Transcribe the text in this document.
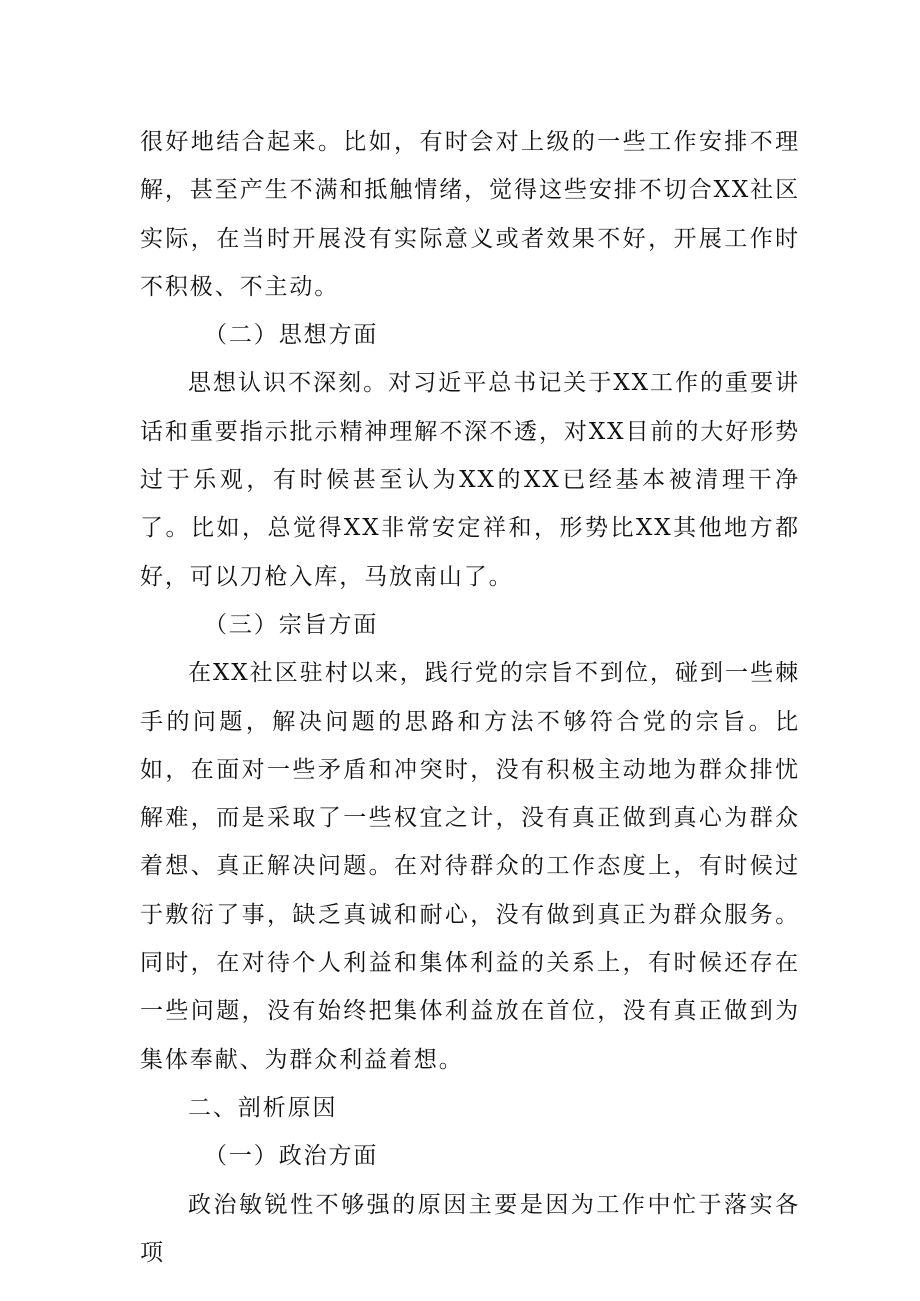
很好地结合起来。比如，有时会对上级的一些工作安排不理解，甚至产生不满和抵触情绪，觉得这些安排不切合XX社区实际，在当时开展没有实际意义或者效果不好，开展工作时不积极、不主动。

（二）思想方面

思想认识不深刻。对习近平总书记关于XX工作的重要讲话和重要指示批示精神理解不深不透，对XX目前的大好形势过于乐观，有时候甚至认为XX的XX已经基本被清理干净了。比如，总觉得XX非常安定祥和，形势比XX其他地方都好，可以刀枪入库，马放南山了。

（三）宗旨方面

在XX社区驻村以来，践行党的宗旨不到位，碰到一些棘手的问题，解决问题的思路和方法不够符合党的宗旨。比如，在面对一些矛盾和冲突时，没有积极主动地为群众排忧解难，而是采取了一些权宜之计，没有真正做到真心为群众着想、真正解决问题。在对待群众的工作态度上，有时候过于敷衍了事，缺乏真诚和耐心，没有做到真正为群众服务。同时，在对待个人利益和集体利益的关系上，有时候还存在一些问题，没有始终把集体利益放在首位，没有真正做到为集体奉献、为群众利益着想。

二、剖析原因

（一）政治方面

政治敏锐性不够强的原因主要是因为工作中忙于落实各项
